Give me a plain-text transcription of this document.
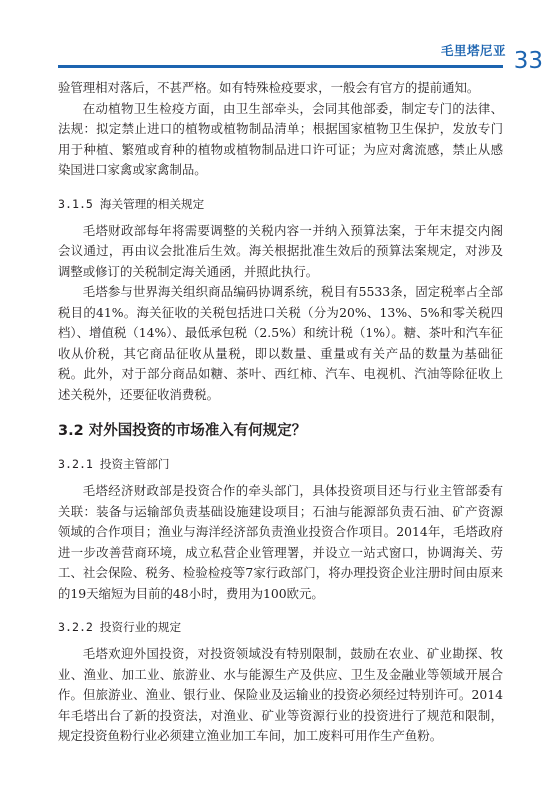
毛里塔尼亚 33

验管理相对落后，不甚严格。如有特殊检疫要求，一般会有官方的提前通知。

在动植物卫生检疫方面，由卫生部牵头，会同其他部委，制定专门的法律、法规：拟定禁止进口的植物或植物制品清单；根据国家植物卫生保护，发放专门用于种植、繁殖或育种的植物或植物制品进口许可证；为应对禽流感，禁止从感染国进口家禽或家禽制品。

3.1.5 海关管理的相关规定

毛塔财政部每年将需要调整的关税内容一并纳入预算法案，于年末提交内阁会议通过，再由议会批准后生效。海关根据批准生效后的预算法案规定，对涉及调整或修订的关税制定海关通函，并照此执行。

毛塔参与世界海关组织商品编码协调系统，税目有5533条，固定税率占全部税目的41%。海关征收的关税包括进口关税（分为20%、13%、5%和零关税四档）、增值税（14%）、最低承包税（2.5%）和统计税（1%）。糖、茶叶和汽车征收从价税，其它商品征收从量税，即以数量、重量或有关产品的数量为基础征税。此外，对于部分商品如糖、茶叶、西红柿、汽车、电视机、汽油等除征收上述关税外，还要征收消费税。

3.2 对外国投资的市场准入有何规定？
3.2.1 投资主管部门

毛塔经济财政部是投资合作的牵头部门，具体投资项目还与行业主管部委有关联：装备与运输部负责基础设施建设项目；石油与能源部负责石油、矿产资源领域的合作项目；渔业与海洋经济部负责渔业投资合作项目。2014年，毛塔政府进一步改善营商环境，成立私营企业管理署，并设立一站式窗口，协调海关、劳工、社会保险、税务、检验检疫等7家行政部门，将办理投资企业注册时间由原来的19天缩短为目前的48小时，费用为100欧元。

3.2.2 投资行业的规定

毛塔欢迎外国投资，对投资领域没有特别限制，鼓励在农业、矿业勘探、牧业、渔业、加工业、旅游业、水与能源生产及供应、卫生及金融业等领域开展合作。但旅游业、渔业、银行业、保险业及运输业的投资必须经过特别许可。2014年毛塔出台了新的投资法，对渔业、矿业等资源行业的投资进行了规范和限制，规定投资鱼粉行业必须建立渔业加工车间，加工废料可用作生产鱼粉。
